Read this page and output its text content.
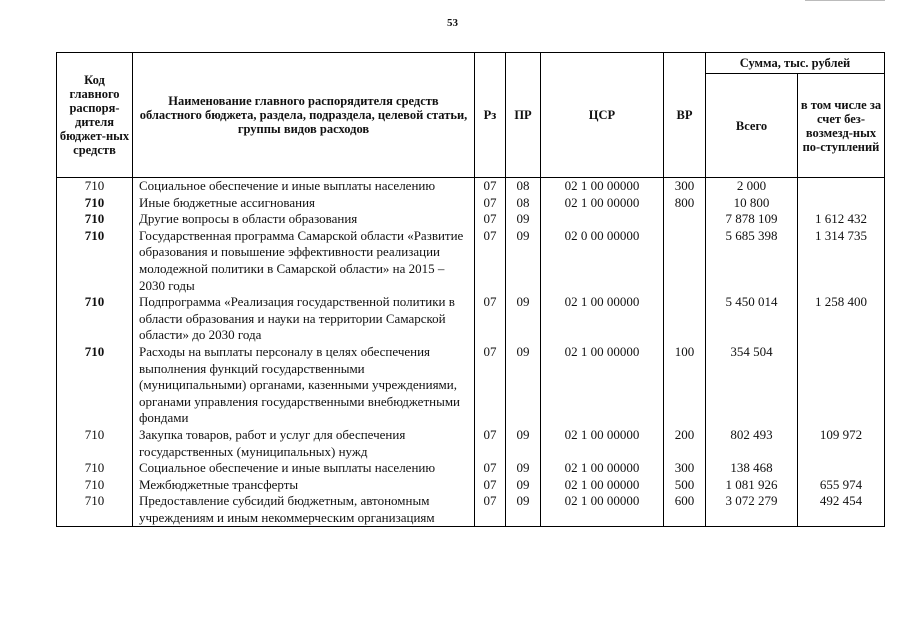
53
Код главного распоря-дителя бюджет-ных средств	Наименование главного распорядителя средств областного бюджета, раздела, подраздела, целевой статьи, группы видов расходов	Рз	ПР	ЦСР	ВР	Сумма, тыс. рублей	
						Всего	в том числе за счет без-возмезд-ных по-ступлений
710	Социальное обеспечение и иные выплаты населению	07	08	02 1 00 00000	300	2 000	
710	Иные бюджетные ассигнования	07	08	02 1 00 00000	800	10 800	
710	Другие вопросы в области образования	07	09			7 878 109	1 612 432
710	Государственная программа Самарской области «Развитие образования и повышение эффективности реализации молодежной политики в Самарской области» на 2015 – 2030 годы	07	09	02 0 00 00000		5 685 398	1 314 735
710	Подпрограмма «Реализация государственной политики в области образования и науки на территории Самарской области» до 2030 года	07	09	02 1 00 00000		5 450 014	1 258 400
710	Расходы на выплаты персоналу в целях обеспечения выполнения функций государственными (муниципальными) органами, казенными учреждениями, органами управления государственными внебюджетными фондами	07	09	02 1 00 00000	100	354 504	
710	Закупка товаров, работ и услуг для обеспечения государственных (муниципальных) нужд	07	09	02 1 00 00000	200	802 493	109 972
710	Социальное обеспечение и иные выплаты населению	07	09	02 1 00 00000	300	138 468	
710	Межбюджетные трансферты	07	09	02 1 00 00000	500	1 081 926	655 974
710	Предоставление субсидий бюджетным, автономным учреждениям и иным некоммерческим организациям	07	09	02 1 00 00000	600	3 072 279	492 454
